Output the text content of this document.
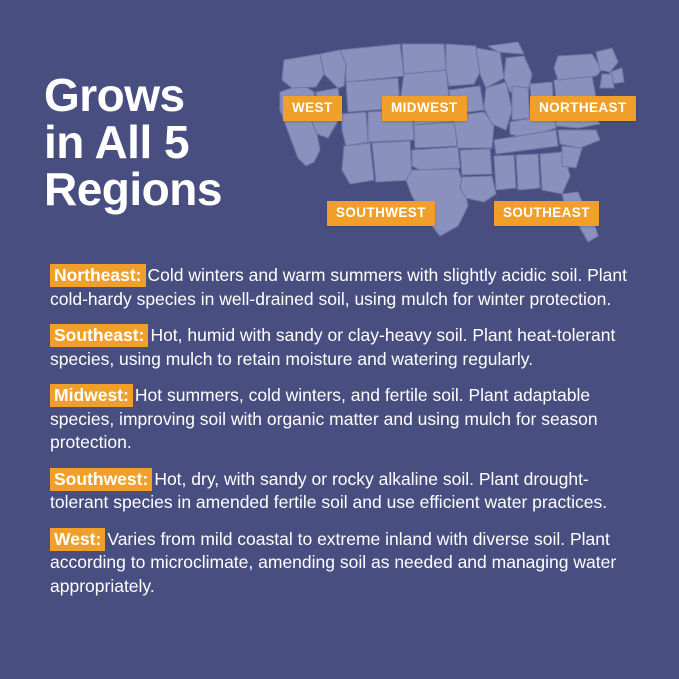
Grows
in All 5
Regions
WEST	MIDWEST	NORTHEAST
SOUTHWEST	SOUTHEAST

Northeast: Cold winters and warm summers with slightly acidic soil. Plant cold-hardy species in well-drained soil, using mulch for winter protection.

Southeast: Hot, humid with sandy or clay-heavy soil. Plant heat-tolerant species, using mulch to retain moisture and watering regularly.

Midwest: Hot summers, cold winters, and fertile soil. Plant adaptable species, improving soil with organic matter and using mulch for season protection.

Southwest: Hot, dry, with sandy or rocky alkaline soil. Plant drought-tolerant species in amended fertile soil and use efficient water practices.

West: Varies from mild coastal to extreme inland with diverse soil. Plant according to microclimate, amending soil as needed and managing water appropriately.
